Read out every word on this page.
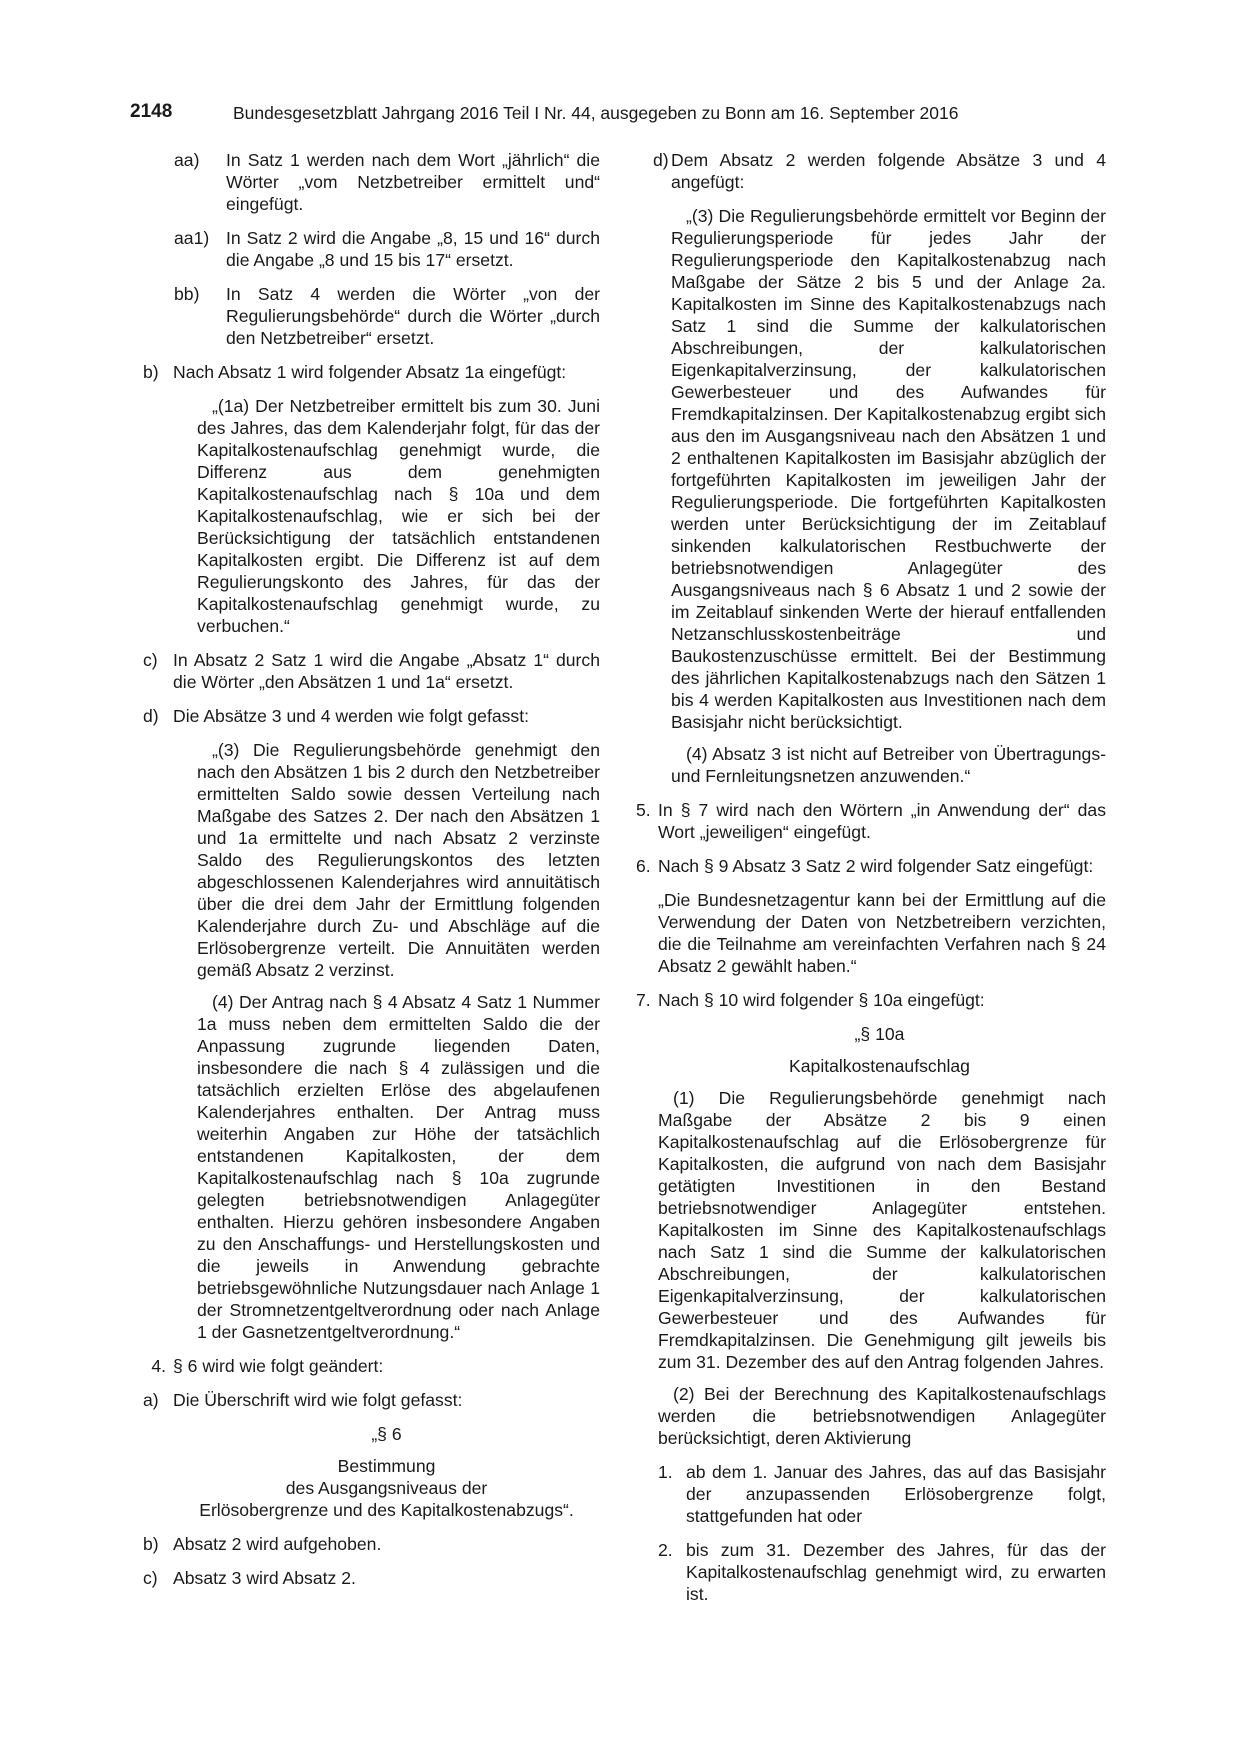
2148	Bundesgesetzblatt Jahrgang 2016 Teil I Nr. 44, ausgegeben zu Bonn am 16. September 2016
aa)	In Satz 1 werden nach dem Wort „jährlich“ die Wörter „vom Netzbetreiber ermittelt und“ eingefügt.
aa1) In Satz 2 wird die Angabe „8, 15 und 16“ durch die Angabe „8 und 15 bis 17“ ersetzt.
bb)	In Satz 4 werden die Wörter „von der Regulierungsbehörde“ durch die Wörter „durch den Netzbetreiber“ ersetzt.
b) Nach Absatz 1 wird folgender Absatz 1a eingefügt:

„(1a) Der Netzbetreiber ermittelt bis zum 30. Juni des Jahres, das dem Kalenderjahr folgt, für das der Kapitalkostenaufschlag genehmigt wurde, die Differenz aus dem genehmigten Kapitalkostenaufschlag nach § 10a und dem Kapitalkostenaufschlag, wie er sich bei der Berücksichtigung der tatsächlich entstandenen Kapitalkosten ergibt. Die Differenz ist auf dem Regulierungskonto des Jahres, für das der Kapitalkostenaufschlag genehmigt wurde, zu verbuchen.“

c) In Absatz 2 Satz 1 wird die Angabe „Absatz 1“ durch die Wörter „den Absätzen 1 und 1a“ ersetzt.
d) Die Absätze 3 und 4 werden wie folgt gefasst:

„(3) Die Regulierungsbehörde genehmigt den nach den Absätzen 1 bis 2 durch den Netzbetreiber ermittelten Saldo sowie dessen Verteilung nach Maßgabe des Satzes 2. Der nach den Absätzen 1 und 1a ermittelte und nach Absatz 2 verzinste Saldo des Regulierungskontos des letzten abgeschlossenen Kalenderjahres wird annuitätisch über die drei dem Jahr der Ermittlung folgenden Kalenderjahre durch Zu- und Abschläge auf die Erlösobergrenze verteilt. Die Annuitäten werden gemäß Absatz 2 verzinst.

(4) Der Antrag nach § 4 Absatz 4 Satz 1 Nummer 1a muss neben dem ermittelten Saldo die der Anpassung zugrunde liegenden Daten, insbesondere die nach § 4 zulässigen und die tatsächlich erzielten Erlöse des abgelaufenen Kalenderjahres enthalten. Der Antrag muss weiterhin Angaben zur Höhe der tatsächlich entstandenen Kapitalkosten, der dem Kapitalkostenaufschlag nach § 10a zugrunde gelegten betriebsnotwendigen Anlagegüter enthalten. Hierzu gehören insbesondere Angaben zu den Anschaffungs- und Herstellungskosten und die jeweils in Anwendung gebrachte betriebsgewöhnliche Nutzungsdauer nach Anlage 1 der Stromnetzentgeltverordnung oder nach Anlage 1 der Gasnetzentgeltverordnung.“

4. § 6 wird wie folgt geändert:
a) Die Überschrift wird wie folgt gefasst:
„§ 6
Bestimmung
des Ausgangsniveaus der
Erlösobergrenze und des Kapitalkostenabzugs“.
b) Absatz 2 wird aufgehoben.
c) Absatz 3 wird Absatz 2.
d) Dem Absatz 2 werden folgende Absätze 3 und 4 angefügt:

„(3) Die Regulierungsbehörde ermittelt vor Beginn der Regulierungsperiode für jedes Jahr der Regulierungsperiode den Kapitalkostenabzug nach Maßgabe der Sätze 2 bis 5 und der Anlage 2a. Kapitalkosten im Sinne des Kapitalkostenabzugs nach Satz 1 sind die Summe der kalkulatorischen Abschreibungen, der kalkulatorischen Eigenkapitalverzinsung, der kalkulatorischen Gewerbesteuer und des Aufwandes für Fremdkapitalzinsen. Der Kapitalkostenabzug ergibt sich aus den im Ausgangsniveau nach den Absätzen 1 und 2 enthaltenen Kapitalkosten im Basisjahr abzüglich der fortgeführten Kapitalkosten im jeweiligen Jahr der Regulierungsperiode. Die fortgeführten Kapitalkosten werden unter Berücksichtigung der im Zeitablauf sinkenden kalkulatorischen Restbuchwerte der betriebsnotwendigen Anlagegüter des Ausgangsniveaus nach § 6 Absatz 1 und 2 sowie der im Zeitablauf sinkenden Werte der hierauf entfallenden Netzanschlusskostenbeiträge und Baukostenzuschüsse ermittelt. Bei der Bestimmung des jährlichen Kapitalkostenabzugs nach den Sätzen 1 bis 4 werden Kapitalkosten aus Investitionen nach dem Basisjahr nicht berücksichtigt.

(4) Absatz 3 ist nicht auf Betreiber von Übertragungs- und Fernleitungsnetzen anzuwenden.“

5. In § 7 wird nach den Wörtern „in Anwendung der“ das Wort „jeweiligen“ eingefügt.
6. Nach § 9 Absatz 3 Satz 2 wird folgender Satz eingefügt:

„Die Bundesnetzagentur kann bei der Ermittlung auf die Verwendung der Daten von Netzbetreibern verzichten, die die Teilnahme am vereinfachten Verfahren nach § 24 Absatz 2 gewählt haben.“

7. Nach § 10 wird folgender § 10a eingefügt:
„§ 10a
Kapitalkostenaufschlag

(1) Die Regulierungsbehörde genehmigt nach Maßgabe der Absätze 2 bis 9 einen Kapitalkostenaufschlag auf die Erlösobergrenze für Kapitalkosten, die aufgrund von nach dem Basisjahr getätigten Investitionen in den Bestand betriebsnotwendiger Anlagegüter entstehen. Kapitalkosten im Sinne des Kapitalkostenaufschlags nach Satz 1 sind die Summe der kalkulatorischen Abschreibungen, der kalkulatorischen Eigenkapitalverzinsung, der kalkulatorischen Gewerbesteuer und des Aufwandes für Fremdkapitalzinsen. Die Genehmigung gilt jeweils bis zum 31. Dezember des auf den Antrag folgenden Jahres.

(2) Bei der Berechnung des Kapitalkostenaufschlags werden die betriebsnotwendigen Anlagegüter berücksichtigt, deren Aktivierung

1. ab dem 1. Januar des Jahres, das auf das Basisjahr der anzupassenden Erlösobergrenze folgt, stattgefunden hat oder
2. bis zum 31. Dezember des Jahres, für das der Kapitalkostenaufschlag genehmigt wird, zu erwarten ist.
